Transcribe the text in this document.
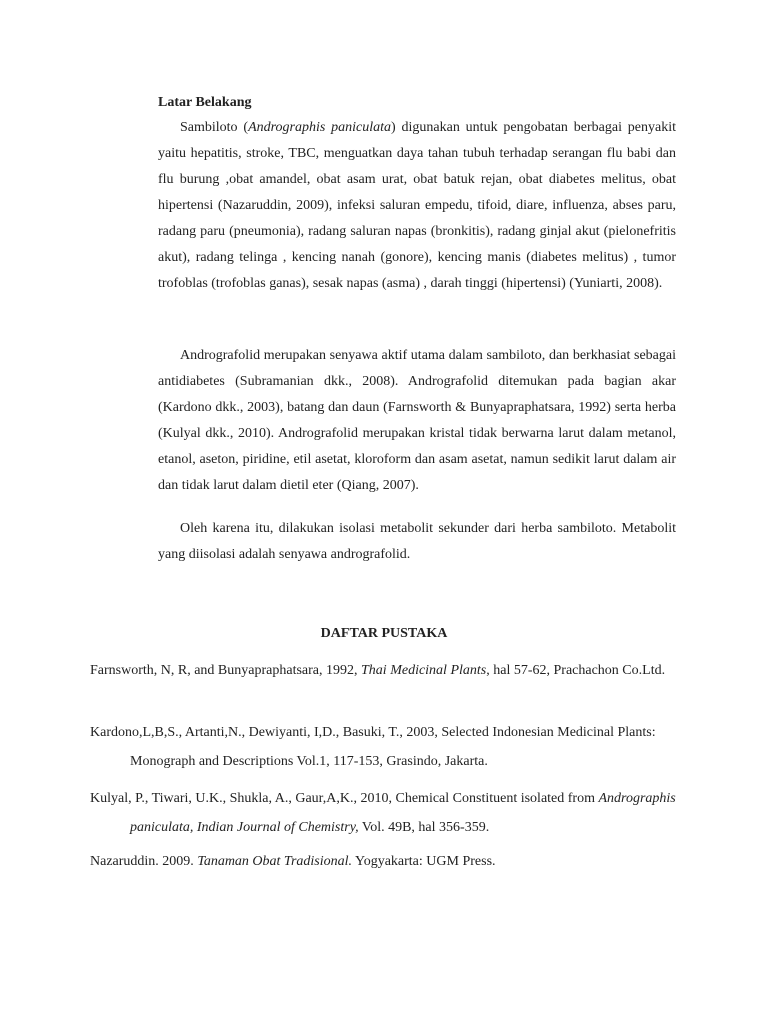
Latar Belakang

Sambiloto (Andrographis paniculata) digunakan untuk pengobatan berbagai penyakit yaitu hepatitis, stroke, TBC, menguatkan daya tahan tubuh terhadap serangan flu babi dan flu burung ,obat amandel, obat asam urat, obat batuk rejan, obat diabetes melitus, obat hipertensi (Nazaruddin, 2009), infeksi saluran empedu, tifoid, diare, influenza, abses paru, radang paru (pneumonia), radang saluran napas (bronkitis), radang ginjal akut (pielonefritis akut), radang telinga , kencing nanah (gonore), kencing manis (diabetes melitus) , tumor trofoblas (trofoblas ganas), sesak napas (asma) , darah tinggi (hipertensi) (Yuniarti, 2008).

Andrografolid merupakan senyawa aktif utama dalam sambiloto, dan berkhasiat sebagai antidiabetes (Subramanian dkk., 2008). Andrografolid ditemukan pada bagian akar (Kardono dkk., 2003), batang dan daun (Farnsworth & Bunyapraphatsara, 1992) serta herba (Kulyal dkk., 2010). Andrografolid merupakan kristal tidak berwarna larut dalam metanol, etanol, aseton, piridine, etil asetat, kloroform dan asam asetat, namun sedikit larut dalam air dan tidak larut dalam dietil eter (Qiang, 2007).

Oleh karena itu, dilakukan isolasi metabolit sekunder dari herba sambiloto. Metabolit yang diisolasi adalah senyawa andrografolid.

DAFTAR PUSTAKA
Farnsworth, N, R, and Bunyapraphatsara, 1992, Thai Medicinal Plants, hal 57-62, Prachachon Co.Ltd.
Kardono,L,B,S., Artanti,N., Dewiyanti, I,D., Basuki, T., 2003, Selected Indonesian Medicinal Plants: Monograph and Descriptions Vol.1, 117-153, Grasindo, Jakarta.
Kulyal, P., Tiwari, U.K., Shukla, A., Gaur,A,K., 2010, Chemical Constituent isolated from Andrographis paniculata, Indian Journal of Chemistry, Vol. 49B, hal 356-359.
Nazaruddin. 2009. Tanaman Obat Tradisional. Yogyakarta: UGM Press.
